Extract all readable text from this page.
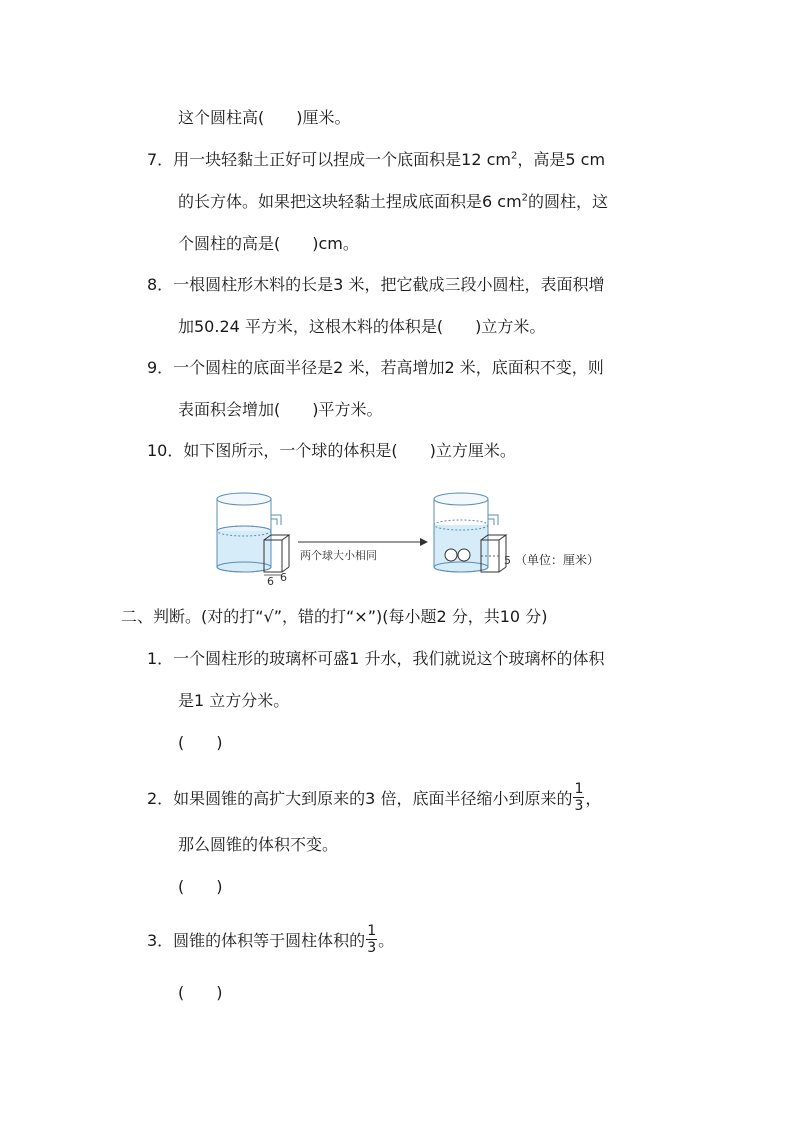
这个圆柱高(　　)厘米。
7．用一块轻黏土正好可以捏成一个底面积是12 $cm^2$，高是5 cm
的长方体。如果把这块轻黏土捏成底面积是6 $cm^2$的圆柱，这
个圆柱的高是(　　)cm。
8．一根圆柱形木料的长是3 米，把它截成三段小圆柱，表面积增
加50.24 平方米，这根木料的体积是(　　)立方米。
9．一个圆柱的底面半径是2 米，若高增加2 米，底面积不变，则
表面积会增加(　　)平方米。
10．如下图所示，一个球的体积是(　　)立方厘米。
6 6
两个球大小相同	5 （单位：厘米）
二、判断。(对的打“√”，错的打“×”)(每小题2 分，共10 分)
1．一个圆柱形的玻璃杯可盛1 升水，我们就说这个玻璃杯的体积
是1 立方分米。
(　　)
2．如果圆锥的高扩大到原来的3 倍，底面半径缩小到原来的 $\frac{1}{3}$ ，
那么圆锥的体积不变。
(　　)
3．圆锥的体积等于圆柱体积的 $\frac{1}{3}$ 。
(　　)
